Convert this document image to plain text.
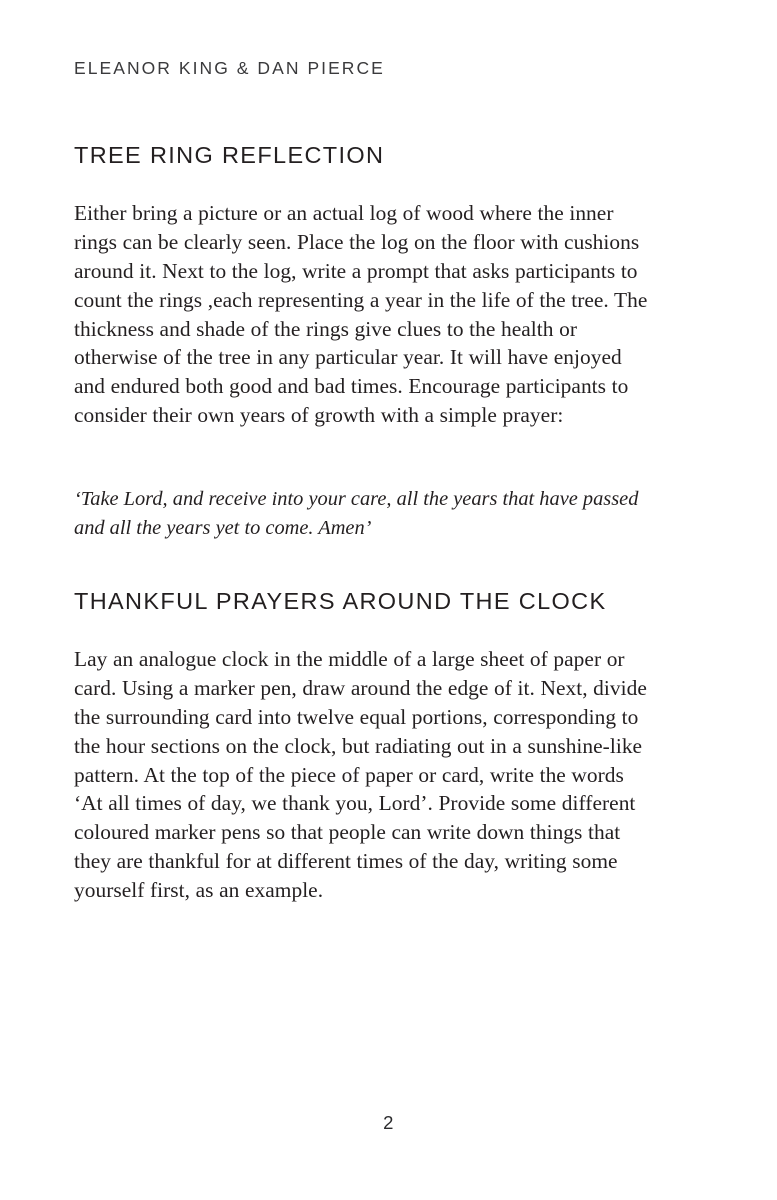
ELEANOR KING & DAN PIERCE
TREE RING REFLECTION

Either bring a picture or an actual log of wood where the inner rings can be clearly seen. Place the log on the floor with cushions around it. Next to the log, write a prompt that asks participants to count the rings ,each representing a year in the life of the tree. The thickness and shade of the rings give clues to the health or otherwise of the tree in any particular year. It will have enjoyed and endured both good and bad times. Encourage participants to consider their own years of growth with a simple prayer:

‘Take Lord, and receive into your care, all the years that have passed and all the years yet to come. Amen’

THANKFUL PRAYERS AROUND THE CLOCK

Lay an analogue clock in the middle of a large sheet of paper or card. Using a marker pen, draw around the edge of it. Next, divide the surrounding card into twelve equal portions, corresponding to the hour sections on the clock, but radiating out in a sunshine-like pattern. At the top of the piece of paper or card, write the words ‘At all times of day, we thank you, Lord’. Provide some different coloured marker pens so that people can write down things that they are thankful for at different times of the day, writing some yourself first, as an example.

2
